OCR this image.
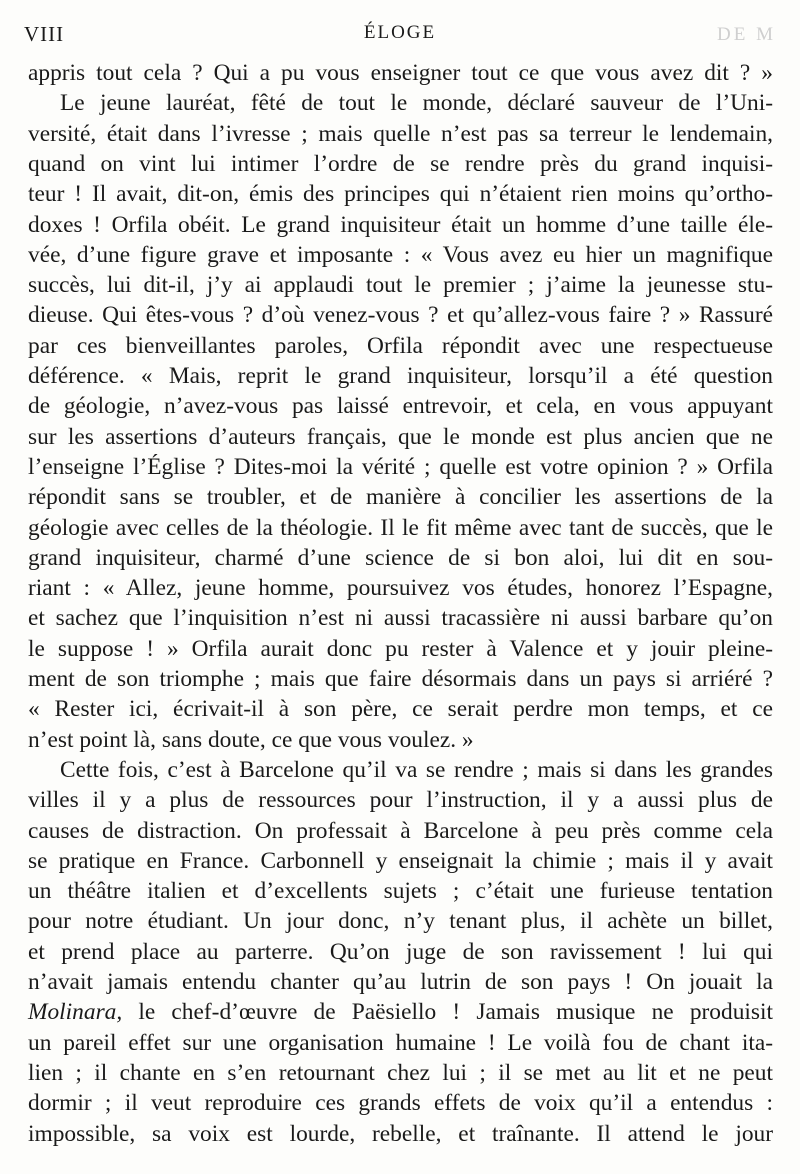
VIII	ÉLOGE	DE M
appris tout cela ? Qui a pu vous enseigner tout ce que vous avez dit ? »
Le jeune lauréat, fêté de tout le monde, déclaré sauveur de l’Uni-
versité, était dans l’ivresse ; mais quelle n’est pas sa terreur le lendemain,
quand on vint lui intimer l’ordre de se rendre près du grand inquisi-
teur ! Il avait, dit-on, émis des principes qui n’étaient rien moins qu’ortho-
doxes ! Orfila obéit. Le grand inquisiteur était un homme d’une taille éle-
vée, d’une figure grave et imposante : « Vous avez eu hier un magnifique
succès, lui dit-il, j’y ai applaudi tout le premier ; j’aime la jeunesse stu-
dieuse. Qui êtes-vous ? d’où venez-vous ? et qu’allez-vous faire ? » Rassuré
par ces bienveillantes paroles, Orfila répondit avec une respectueuse
déférence. « Mais, reprit le grand inquisiteur, lorsqu’il a été question
de géologie, n’avez-vous pas laissé entrevoir, et cela, en vous appuyant
sur les assertions d’auteurs français, que le monde est plus ancien que ne
l’enseigne l’Église ? Dites-moi la vérité ; quelle est votre opinion ? » Orfila
répondit sans se troubler, et de manière à concilier les assertions de la
géologie avec celles de la théologie. Il le fit même avec tant de succès, que le
grand inquisiteur, charmé d’une science de si bon aloi, lui dit en sou-
riant : « Allez, jeune homme, poursuivez vos études, honorez l’Espagne,
et sachez que l’inquisition n’est ni aussi tracassière ni aussi barbare qu’on
le suppose ! » Orfila aurait donc pu rester à Valence et y jouir pleine-
ment de son triomphe ; mais que faire désormais dans un pays si arriéré ?
« Rester ici, écrivait-il à son père, ce serait perdre mon temps, et ce
n’est point là, sans doute, ce que vous voulez. »
Cette fois, c’est à Barcelone qu’il va se rendre ; mais si dans les grandes
villes il y a plus de ressources pour l’instruction, il y a aussi plus de
causes de distraction. On professait à Barcelone à peu près comme cela
se pratique en France. Carbonnell y enseignait la chimie ; mais il y avait
un théâtre italien et d’excellents sujets ; c’était une furieuse tentation
pour notre étudiant. Un jour donc, n’y tenant plus, il achète un billet,
et prend place au parterre. Qu’on juge de son ravissement ! lui qui
n’avait jamais entendu chanter qu’au lutrin de son pays ! On jouait la
Molinara, le chef-d’œuvre de Paësiello ! Jamais musique ne produisit
un pareil effet sur une organisation humaine ! Le voilà fou de chant ita-
lien ; il chante en s’en retournant chez lui ; il se met au lit et ne peut
dormir ; il veut reproduire ces grands effets de voix qu’il a entendus :
impossible, sa voix est lourde, rebelle, et traînante. Il attend le jour
